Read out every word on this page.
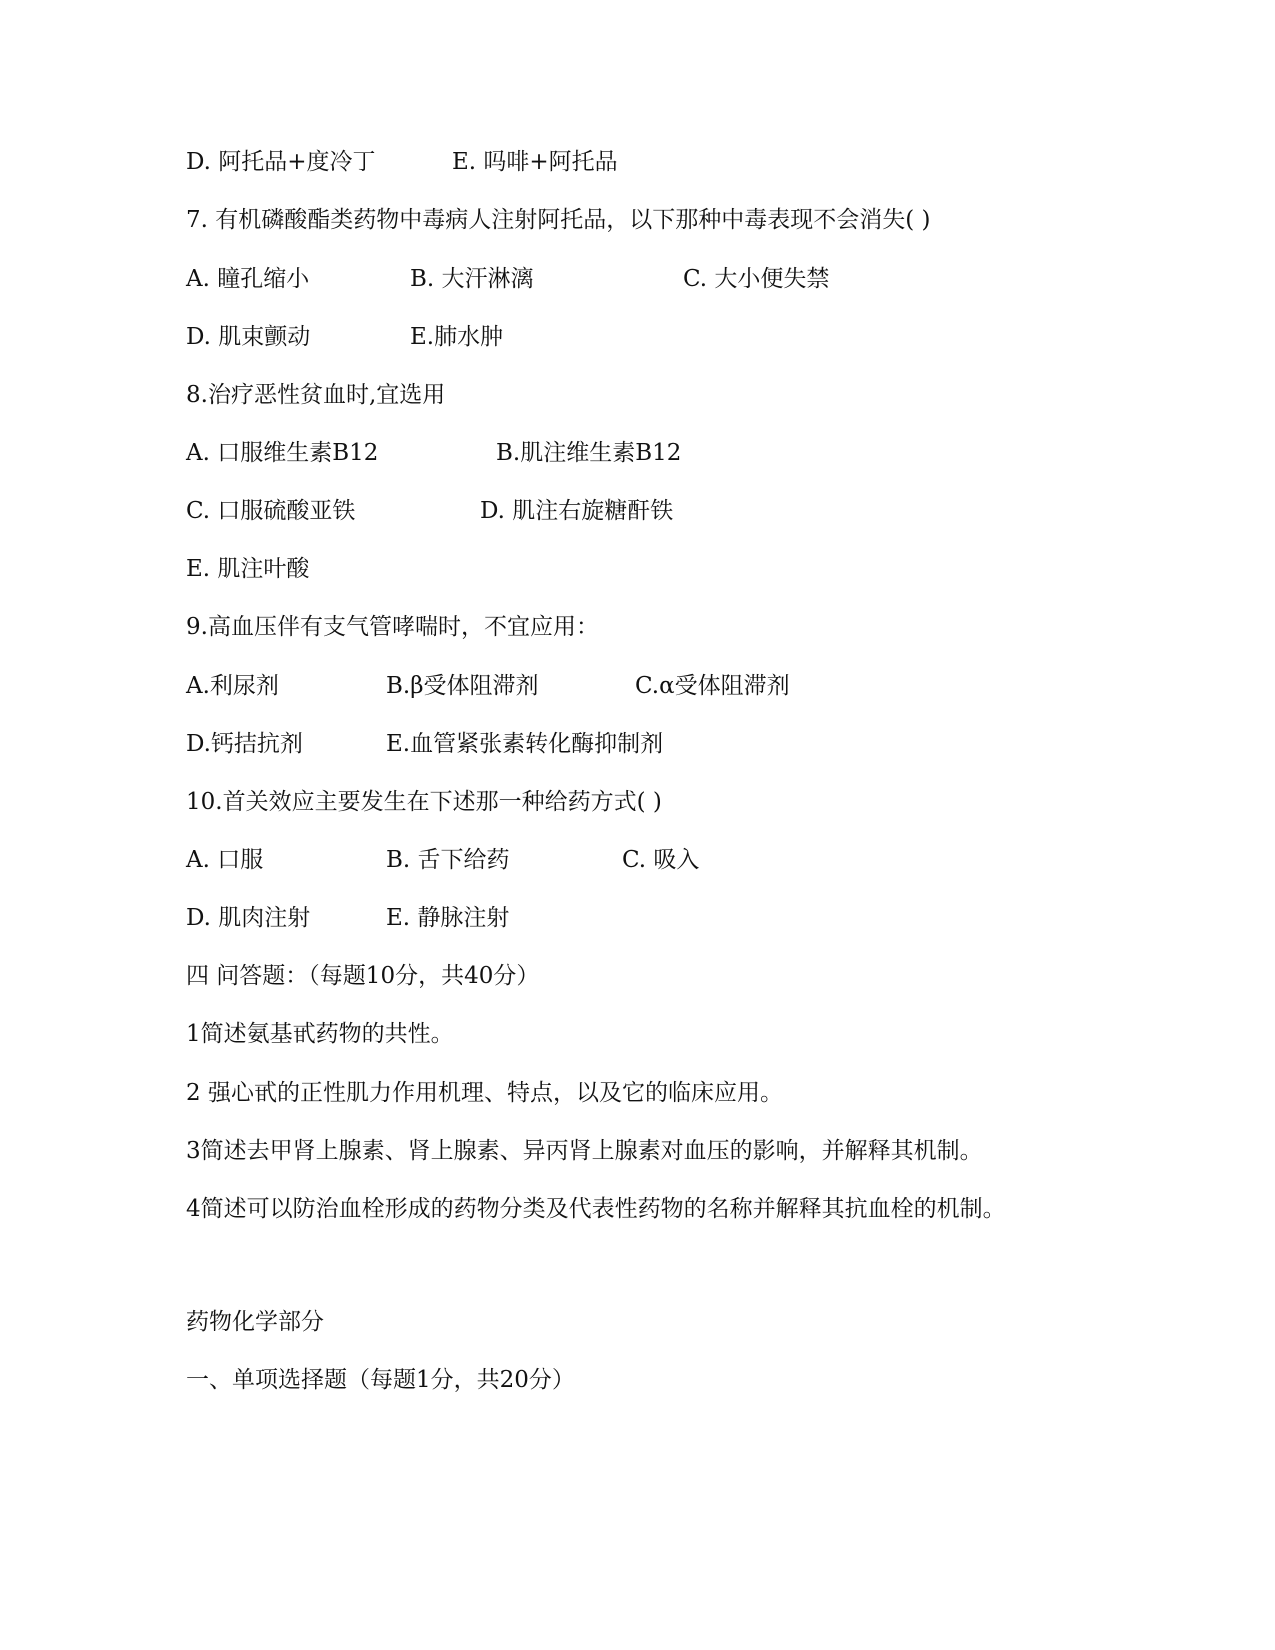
D. 阿托品+度冷丁	E. 吗啡+阿托品
7. 有机磷酸酯类药物中毒病人注射阿托品，以下那种中毒表现不会消失( )
A. 瞳孔缩小	B. 大汗淋漓	C. 大小便失禁
D. 肌束颤动	E.肺水肿
8.治疗恶性贫血时,宜选用
A. 口服维生素B12	B.肌注维生素B12
C. 口服硫酸亚铁	D. 肌注右旋糖酐铁
E. 肌注叶酸
9.高血压伴有支气管哮喘时，不宜应用：
A.利尿剂	B.β受体阻滞剂	C.α受体阻滞剂
D.钙拮抗剂	E.血管紧张素转化酶抑制剂
10.首关效应主要发生在下述那一种给药方式( )
A. 口服	B. 舌下给药	C. 吸入
D. 肌肉注射	E. 静脉注射
四 问答题：（每题10分，共40分）
1简述氨基甙药物的共性。
2 强心甙的正性肌力作用机理、特点，以及它的临床应用。
3简述去甲肾上腺素、肾上腺素、异丙肾上腺素对血压的影响，并解释其机制。
4简述可以防治血栓形成的药物分类及代表性药物的名称并解释其抗血栓的机制。
药物化学部分
一、单项选择题（每题1分，共20分）
